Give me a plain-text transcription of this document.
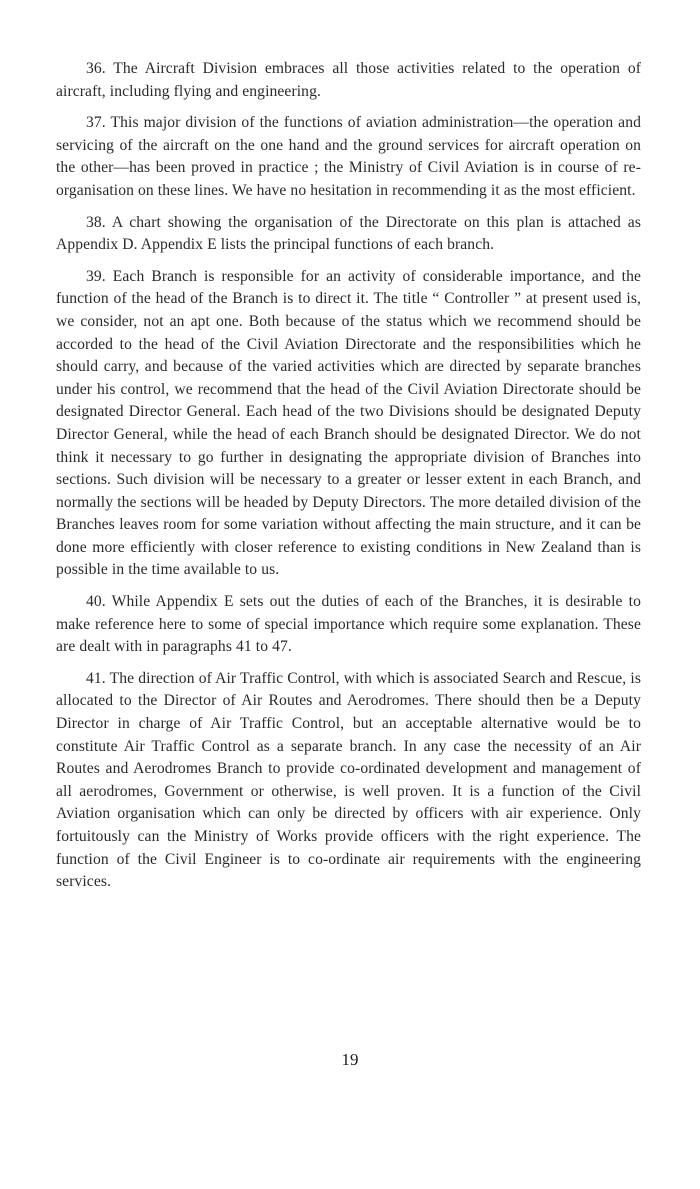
36. The Aircraft Division embraces all those activities related to the operation of aircraft, including flying and engineering.

37. This major division of the functions of aviation administration—the operation and servicing of the aircraft on the one hand and the ground services for aircraft operation on the other—has been proved in practice ; the Ministry of Civil Aviation is in course of re-organisation on these lines. We have no hesitation in recommending it as the most efficient.

38. A chart showing the organisation of the Directorate on this plan is attached as Appendix D. Appendix E lists the principal functions of each branch.

39. Each Branch is responsible for an activity of considerable importance, and the function of the head of the Branch is to direct it. The title “ Controller ” at present used is, we consider, not an apt one. Both because of the status which we recommend should be accorded to the head of the Civil Aviation Directorate and the responsibilities which he should carry, and because of the varied activities which are directed by separate branches under his control, we recommend that the head of the Civil Aviation Directorate should be designated Director General. Each head of the two Divisions should be designated Deputy Director General, while the head of each Branch should be designated Director. We do not think it necessary to go further in designating the appropriate division of Branches into sections. Such division will be necessary to a greater or lesser extent in each Branch, and normally the sections will be headed by Deputy Directors. The more detailed division of the Branches leaves room for some variation without affecting the main structure, and it can be done more efficiently with closer reference to existing conditions in New Zealand than is possible in the time available to us.

40. While Appendix E sets out the duties of each of the Branches, it is desirable to make reference here to some of special importance which require some explanation. These are dealt with in paragraphs 41 to 47.

41. The direction of Air Traffic Control, with which is associated Search and Rescue, is allocated to the Director of Air Routes and Aerodromes. There should then be a Deputy Director in charge of Air Traffic Control, but an acceptable alternative would be to constitute Air Traffic Control as a separate branch. In any case the necessity of an Air Routes and Aerodromes Branch to provide co-ordinated development and management of all aerodromes, Government or otherwise, is well proven. It is a function of the Civil Aviation organisation which can only be directed by officers with air experience. Only fortuitously can the Ministry of Works provide officers with the right experience. The function of the Civil Engineer is to co-ordinate air requirements with the engineering services.

19
